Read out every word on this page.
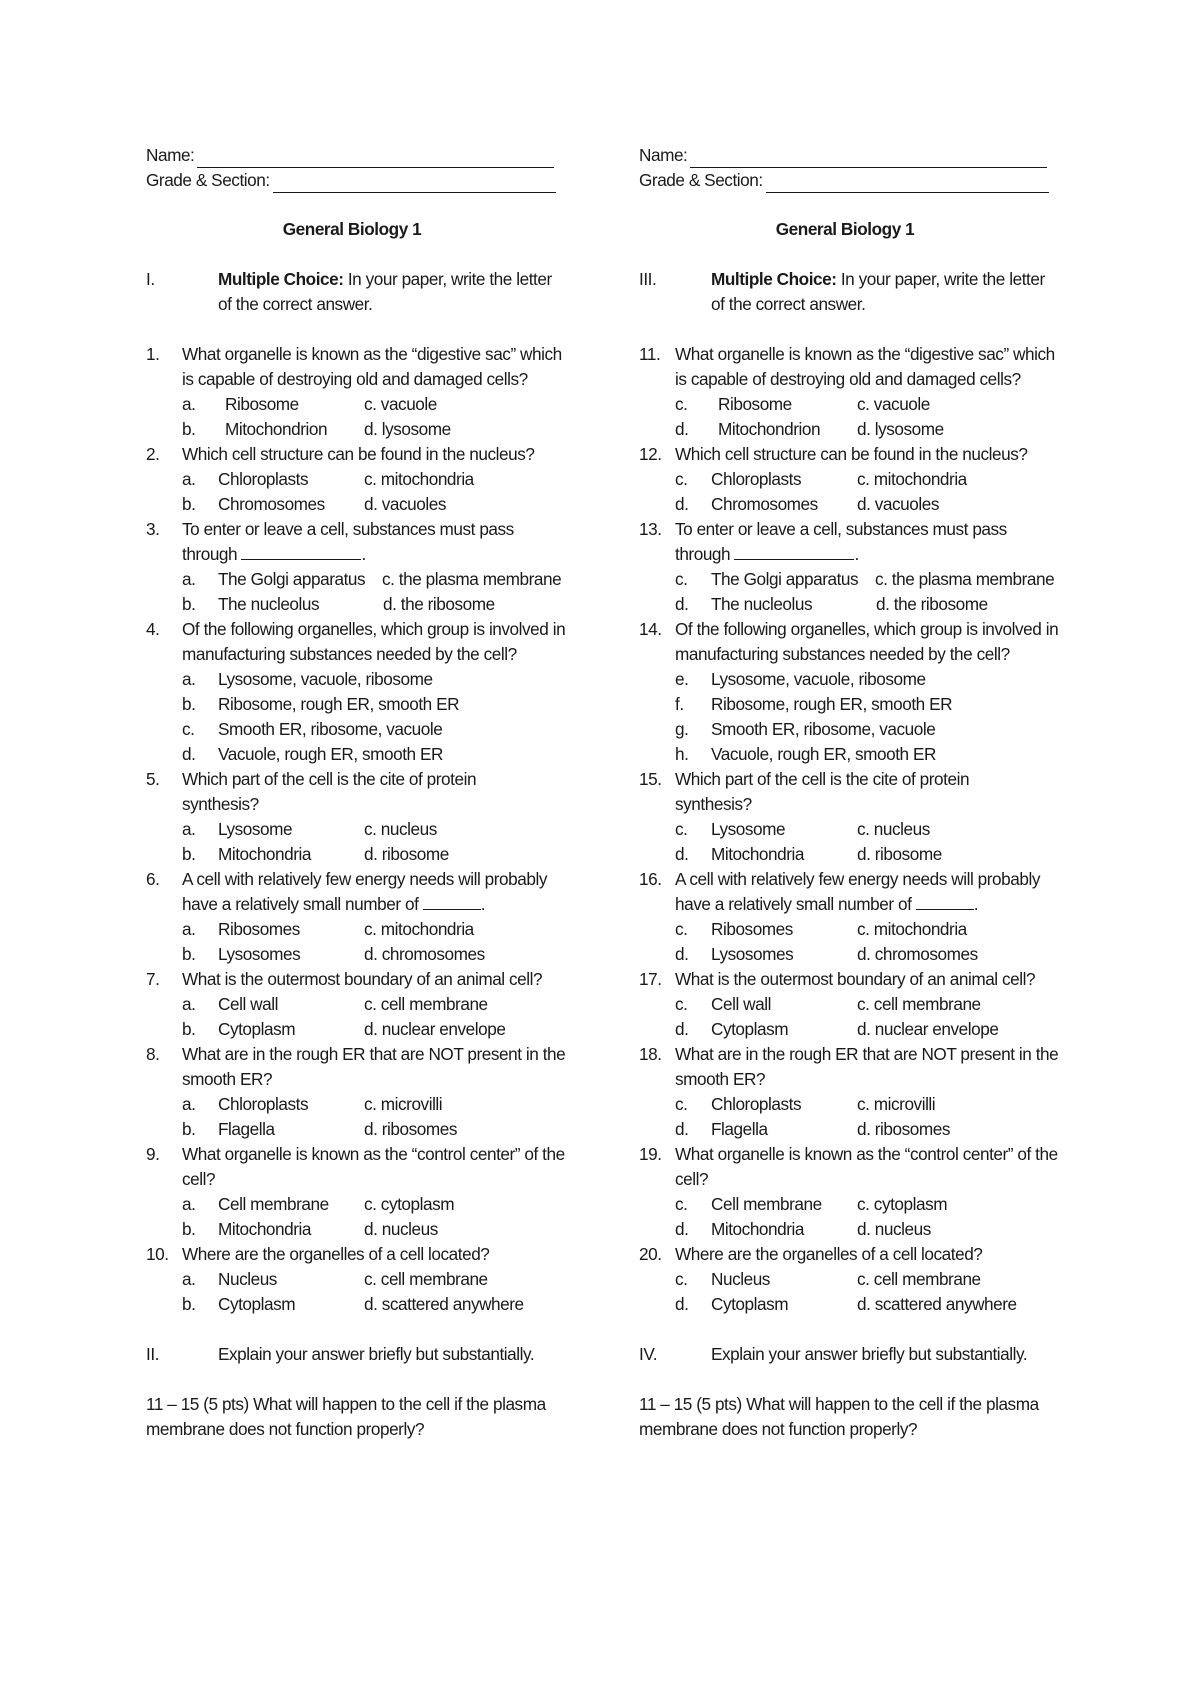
Name:
Grade & Section:
General Biology 1
I.	Multiple Choice: In your paper, write the letter of the correct answer.
1.	What organelle is known as the “digestive sac” which is capable of destroying old and damaged cells?
a.	Ribosome	c. vacuole
b.	Mitochondrion	d. lysosome
2.	Which cell structure can be found in the nucleus?
a.	Chloroplasts	c. mitochondria
b.	Chromosomes	d. vacuoles
3.	To enter or leave a cell, substances must pass through	.
a.	The Golgi apparatus c. the plasma membrane
b.	The nucleolus	d. the ribosome
4.	Of the following organelles, which group is involved in manufacturing substances needed by the cell?
a.	Lysosome, vacuole, ribosome
b.	Ribosome, rough ER, smooth ER
c.	Smooth ER, ribosome, vacuole
d.	Vacuole, rough ER, smooth ER
5.	Which part of the cell is the cite of protein synthesis?
a.	Lysosome	c. nucleus
b.	Mitochondria	d. ribosome
6.	A cell with relatively few energy needs will probably have a relatively small number of	.
a.	Ribosomes	c. mitochondria
b.	Lysosomes	d. chromosomes
7.	What is the outermost boundary of an animal cell?
a.	Cell wall	c. cell membrane
b.	Cytoplasm	d. nuclear envelope
8.	What are in the rough ER that are NOT present in the smooth ER?
a.	Chloroplasts	c. microvilli
b.	Flagella	d. ribosomes
9.	What organelle is known as the “control center” of the cell?
a.	Cell membrane	c. cytoplasm
b.	Mitochondria	d. nucleus
10. Where are the organelles of a cell located?
a.	Nucleus	c. cell membrane
b.	Cytoplasm	d. scattered anywhere
II.	Explain your answer briefly but substantially.
11 – 15 (5 pts) What will happen to the cell if the plasma membrane does not function properly?
Name:
Grade & Section:
General Biology 1
III.	Multiple Choice: In your paper, write the letter of the correct answer.
11. What organelle is known as the “digestive sac” which is capable of destroying old and damaged cells?
c.	Ribosome	c. vacuole
d.	Mitochondrion	d. lysosome
12. Which cell structure can be found in the nucleus?
c.	Chloroplasts	c. mitochondria
d.	Chromosomes	d. vacuoles
13. To enter or leave a cell, substances must pass through	.
c.	The Golgi apparatus c. the plasma membrane
d.	The nucleolus	d. the ribosome
14. Of the following organelles, which group is involved in manufacturing substances needed by the cell?
e.	Lysosome, vacuole, ribosome
f.	Ribosome, rough ER, smooth ER
g.	Smooth ER, ribosome, vacuole
h.	Vacuole, rough ER, smooth ER
15. Which part of the cell is the cite of protein synthesis?
c.	Lysosome	c. nucleus
d.	Mitochondria	d. ribosome
16. A cell with relatively few energy needs will probably have a relatively small number of	.
c.	Ribosomes	c. mitochondria
d.	Lysosomes	d. chromosomes
17. What is the outermost boundary of an animal cell?
c.	Cell wall	c. cell membrane
d.	Cytoplasm	d. nuclear envelope
18. What are in the rough ER that are NOT present in the smooth ER?
c.	Chloroplasts	c. microvilli
d.	Flagella	d. ribosomes
19. What organelle is known as the “control center” of the cell?
c.	Cell membrane	c. cytoplasm
d.	Mitochondria	d. nucleus
20. Where are the organelles of a cell located?
c.	Nucleus	c. cell membrane
d.	Cytoplasm	d. scattered anywhere
IV.	Explain your answer briefly but substantially.
11 – 15 (5 pts) What will happen to the cell if the plasma membrane does not function properly?
